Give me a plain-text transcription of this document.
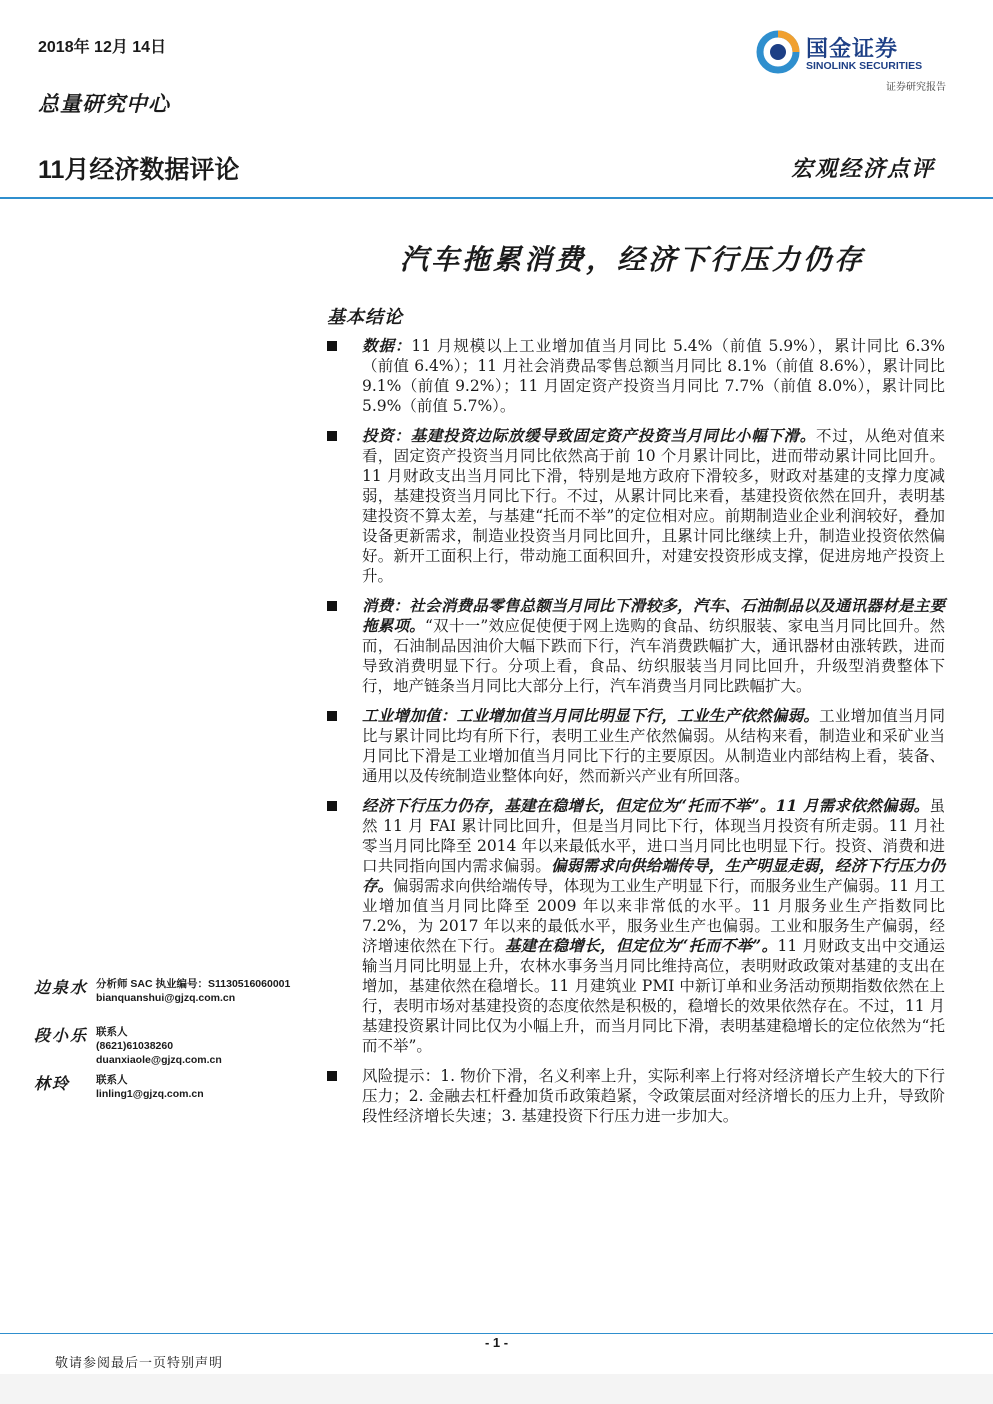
2018年 12月 14日
总量研究中心
11月经济数据评论	宏观经济点评
国金证券
SINOLINK SECURITIES
证券研究报告
汽车拖累消费，经济下行压力仍存
基本结论
数据：11 月规模以上工业增加值当月同比 5.4%（前值 5.9%），累计同比 6.3%（前值 6.4%）；11 月社会消费品零售总额当月同比 8.1%（前值 8.6%），累计同比 9.1%（前值 9.2%）；11 月固定资产投资当月同比 7.7%（前值 8.0%），累计同比 5.9%（前值 5.7%）。
投资：基建投资边际放缓导致固定资产投资当月同比小幅下滑。不过，从绝对值来看，固定资产投资当月同比依然高于前 10 个月累计同比，进而带动累计同比回升。11 月财政支出当月同比下滑，特别是地方政府下滑较多，财政对基建的支撑力度减弱，基建投资当月同比下行。不过，从累计同比来看，基建投资依然在回升，表明基建投资不算太差，与基建“托而不举”的定位相对应。前期制造业企业利润较好，叠加设备更新需求，制造业投资当月同比回升，且累计同比继续上升，制造业投资依然偏好。新开工面积上行，带动施工面积回升，对建安投资形成支撑，促进房地产投资上升。
消费：社会消费品零售总额当月同比下滑较多，汽车、石油制品以及通讯器材是主要拖累项。“双十一”效应促使便于网上选购的食品、纺织服装、家电当月同比回升。然而，石油制品因油价大幅下跌而下行，汽车消费跌幅扩大，通讯器材由涨转跌，进而导致消费明显下行。分项上看，食品、纺织服装当月同比回升，升级型消费整体下行，地产链条当月同比大部分上行，汽车消费当月同比跌幅扩大。
工业增加值：工业增加值当月同比明显下行，工业生产依然偏弱。工业增加值当月同比与累计同比均有所下行，表明工业生产依然偏弱。从结构来看，制造业和采矿业当月同比下滑是工业增加值当月同比下行的主要原因。从制造业内部结构上看，装备、通用以及传统制造业整体向好，然而新兴产业有所回落。
经济下行压力仍存，基建在稳增长，但定位为“托而不举”。11 月需求依然偏弱。虽然 11 月 FAI 累计同比回升，但是当月同比下行，体现当月投资有所走弱。11 月社零当月同比降至 2014 年以来最低水平，进口当月同比也明显下行。投资、消费和进口共同指向国内需求偏弱。偏弱需求向供给端传导，生产明显走弱，经济下行压力仍存。偏弱需求向供给端传导，体现为工业生产明显下行，而服务业生产偏弱。11 月工业增加值当月同比降至 2009 年以来非常低的水平。11 月服务业生产指数同比 7.2%，为 2017 年以来的最低水平，服务业生产也偏弱。工业和服务生产偏弱，经济增速依然在下行。基建在稳增长，但定位为“托而不举”。11 月财政支出中交通运输当月同比明显上升，农林水事务当月同比维持高位，表明财政政策对基建的支出在增加，基建依然在稳增长。11 月建筑业 PMI 中新订单和业务活动预期指数依然在上行，表明市场对基建投资的态度依然是积极的，稳增长的效果依然存在。不过，11 月基建投资累计同比仅为小幅上升，而当月同比下滑，表明基建稳增长的定位依然为“托而不举”。
风险提示：1. 物价下滑，名义利率上升，实际利率上行将对经济增长产生较大的下行压力；2. 金融去杠杆叠加货币政策趋紧，令政策层面对经济增长的压力上升，导致阶段性经济增长失速；3. 基建投资下行压力进一步加大。
边泉水 分析师 SAC 执业编号：S1130516060001
bianquanshui@gjzq.com.cn
段小乐 联系人
(8621)61038260
duanxiaole@gjzq.com.cn
林玲 联系人
linling1@gjzq.com.cn
- 1 -
敬请参阅最后一页特别声明
